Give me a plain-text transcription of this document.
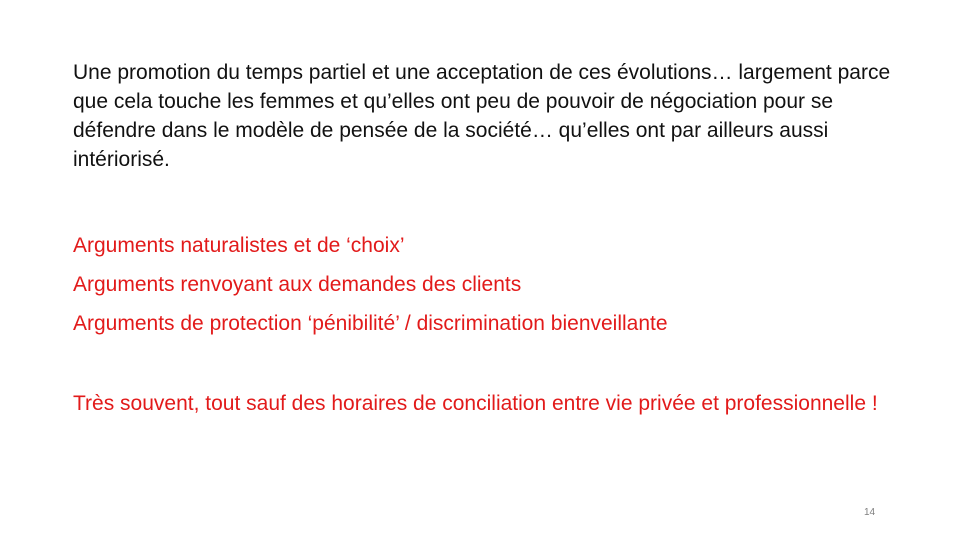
Une promotion du temps partiel et une acceptation de ces évolutions… largement parce que cela touche les femmes et qu’elles ont peu de pouvoir de négociation pour se défendre dans le modèle de pensée de la société… qu’elles ont par ailleurs aussi intériorisé.

Arguments naturalistes et de ‘choix’
Arguments renvoyant aux demandes des clients
Arguments de protection ‘pénibilité’ / discrimination bienveillante

Très souvent, tout sauf des horaires de conciliation entre vie privée et professionnelle !

14
